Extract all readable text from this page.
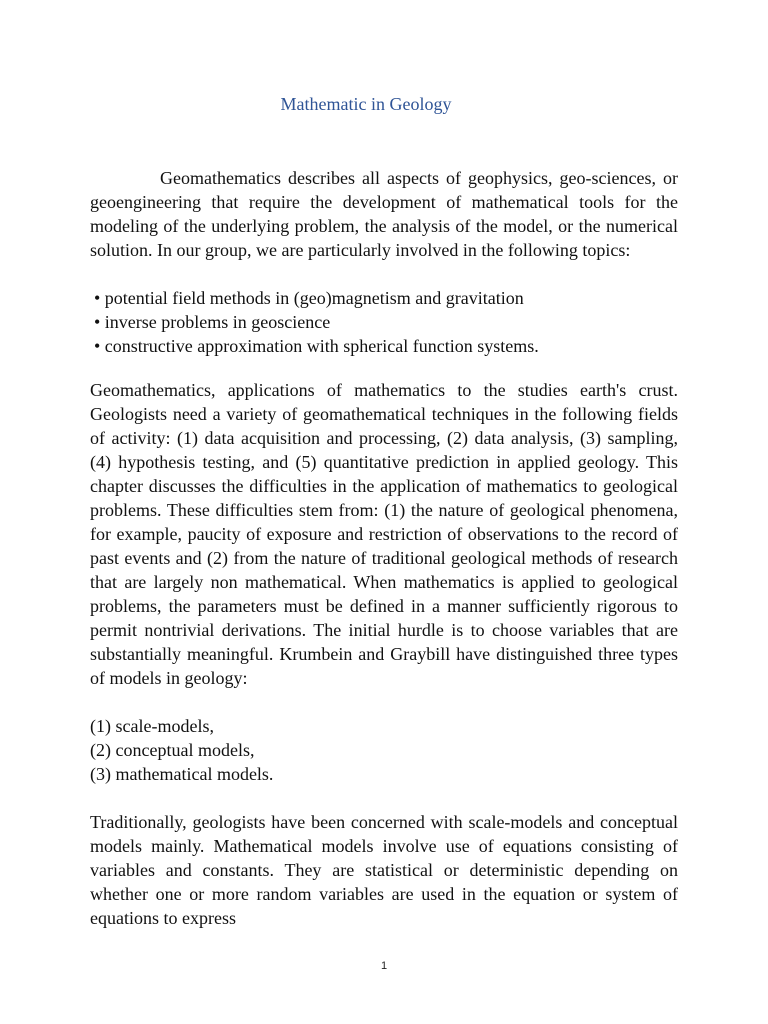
Mathematic in Geology

Geomathematics describes all aspects of geophysics, geo-sciences, or geoengineering that require the development of mathematical tools for the modeling of the underlying problem, the analysis of the model, or the numerical solution. In our group, we are particularly involved in the following topics:

• potential field methods in (geo)magnetism and gravitation
• inverse problems in geoscience
• constructive approximation with spherical function systems.

Geomathematics, applications of mathematics to the studies earth's crust. Geologists need a variety of geomathematical techniques in the following fields of activity: (1) data acquisition and processing, (2) data analysis, (3) sampling, (4) hypothesis testing, and (5) quantitative prediction in applied geology. This chapter discusses the difficulties in the application of mathematics to geological problems. These difficulties stem from: (1) the nature of geological phenomena, for example, paucity of exposure and restriction of observations to the record of past events and (2) from the nature of traditional geological methods of research that are largely non mathematical. When mathematics is applied to geological problems, the parameters must be defined in a manner sufficiently rigorous to permit nontrivial derivations. The initial hurdle is to choose variables that are substantially meaningful. Krumbein and Graybill have distinguished three types of models in geology:

(1) scale-models,
(2) conceptual models,
(3) mathematical models.

Traditionally, geologists have been concerned with scale-models and conceptual models mainly. Mathematical models involve use of equations consisting of variables and constants. They are statistical or deterministic depending on whether one or more random variables are used in the equation or system of equations to express

1
